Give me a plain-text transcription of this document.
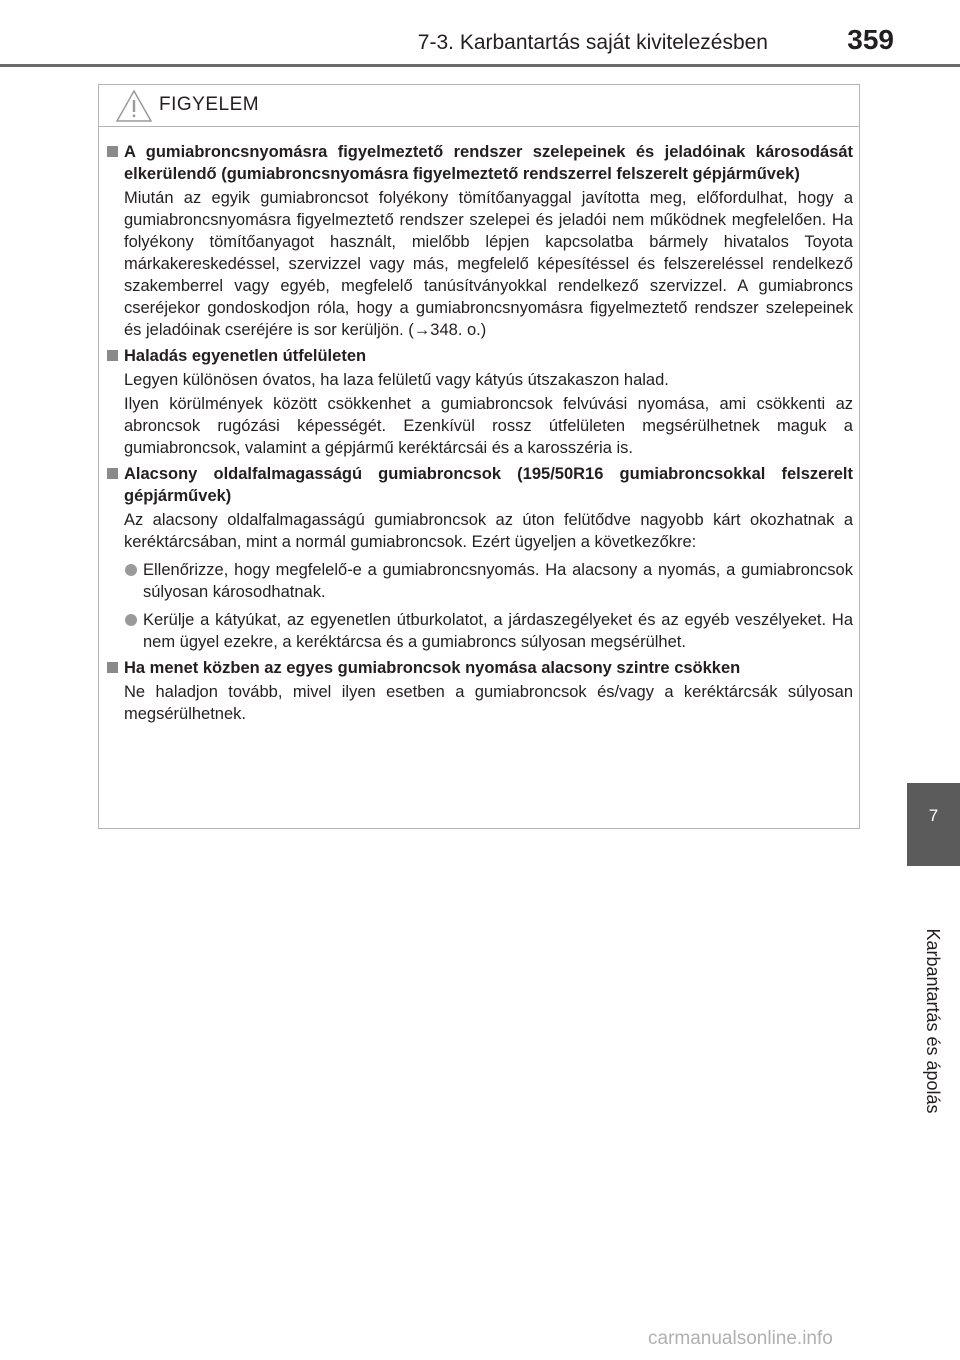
7-3. Karbantartás saját kivitelezésben	359
7
Karbantartás és ápolás
FIGYELEM
A gumiabroncsnyomásra figyelmeztető rendszer szelepeinek és jeladóinak károsodását elkerülendő (gumiabroncsnyomásra figyelmeztető rendszerrel felszerelt gépjárművek)
Miután az egyik gumiabroncsot folyékony tömítőanyaggal javította meg, előfordulhat, hogy a gumiabroncsnyomásra figyelmeztető rendszer szelepei és jeladói nem működnek megfelelően. Ha folyékony tömítőanyagot használt, mielőbb lépjen kapcsolatba bármely hivatalos Toyota márkakereskedéssel, szervizzel vagy más, megfelelő képesítéssel és felszereléssel rendelkező szakemberrel vagy egyéb, megfelelő tanúsítványokkal rendelkező szervizzel. A gumiabroncs cseréjekor gondoskodjon róla, hogy a gumiabroncsnyomásra figyelmeztető rendszer szelepeinek és jeladóinak cseréjére is sor kerüljön. (→348. o.)
Haladás egyenetlen útfelületen
Legyen különösen óvatos, ha laza felületű vagy kátyús útszakaszon halad.
Ilyen körülmények között csökkenhet a gumiabroncsok felvúvási nyomása, ami csökkenti az abroncsok rugózási képességét. Ezenkívül rossz útfelületen megsérülhetnek maguk a gumiabroncsok, valamint a gépjármű keréktárcsái és a karosszéria is.
Alacsony oldalfalmagasságú gumiabroncsok (195/50R16 gumiabroncsokkal felszerelt gépjárművek)
Az alacsony oldalfalmagasságú gumiabroncsok az úton felütődve nagyobb kárt okozhatnak a keréktárcsában, mint a normál gumiabroncsok. Ezért ügyeljen a következőkre:
Ellenőrizze, hogy megfelelő-e a gumiabroncsnyomás. Ha alacsony a nyomás, a gumiabroncsok súlyosan károsodhatnak.
Kerülje a kátyúkat, az egyenetlen útburkolatot, a járdaszegélyeket és az egyéb veszélyeket. Ha nem ügyel ezekre, a keréktárcsa és a gumiabroncs súlyosan megsérülhet.
Ha menet közben az egyes gumiabroncsok nyomása alacsony szintre csökken
Ne haladjon tovább, mivel ilyen esetben a gumiabroncsok és/vagy a keréktárcsák súlyosan megsérülhetnek.
carmanualsonline.info
